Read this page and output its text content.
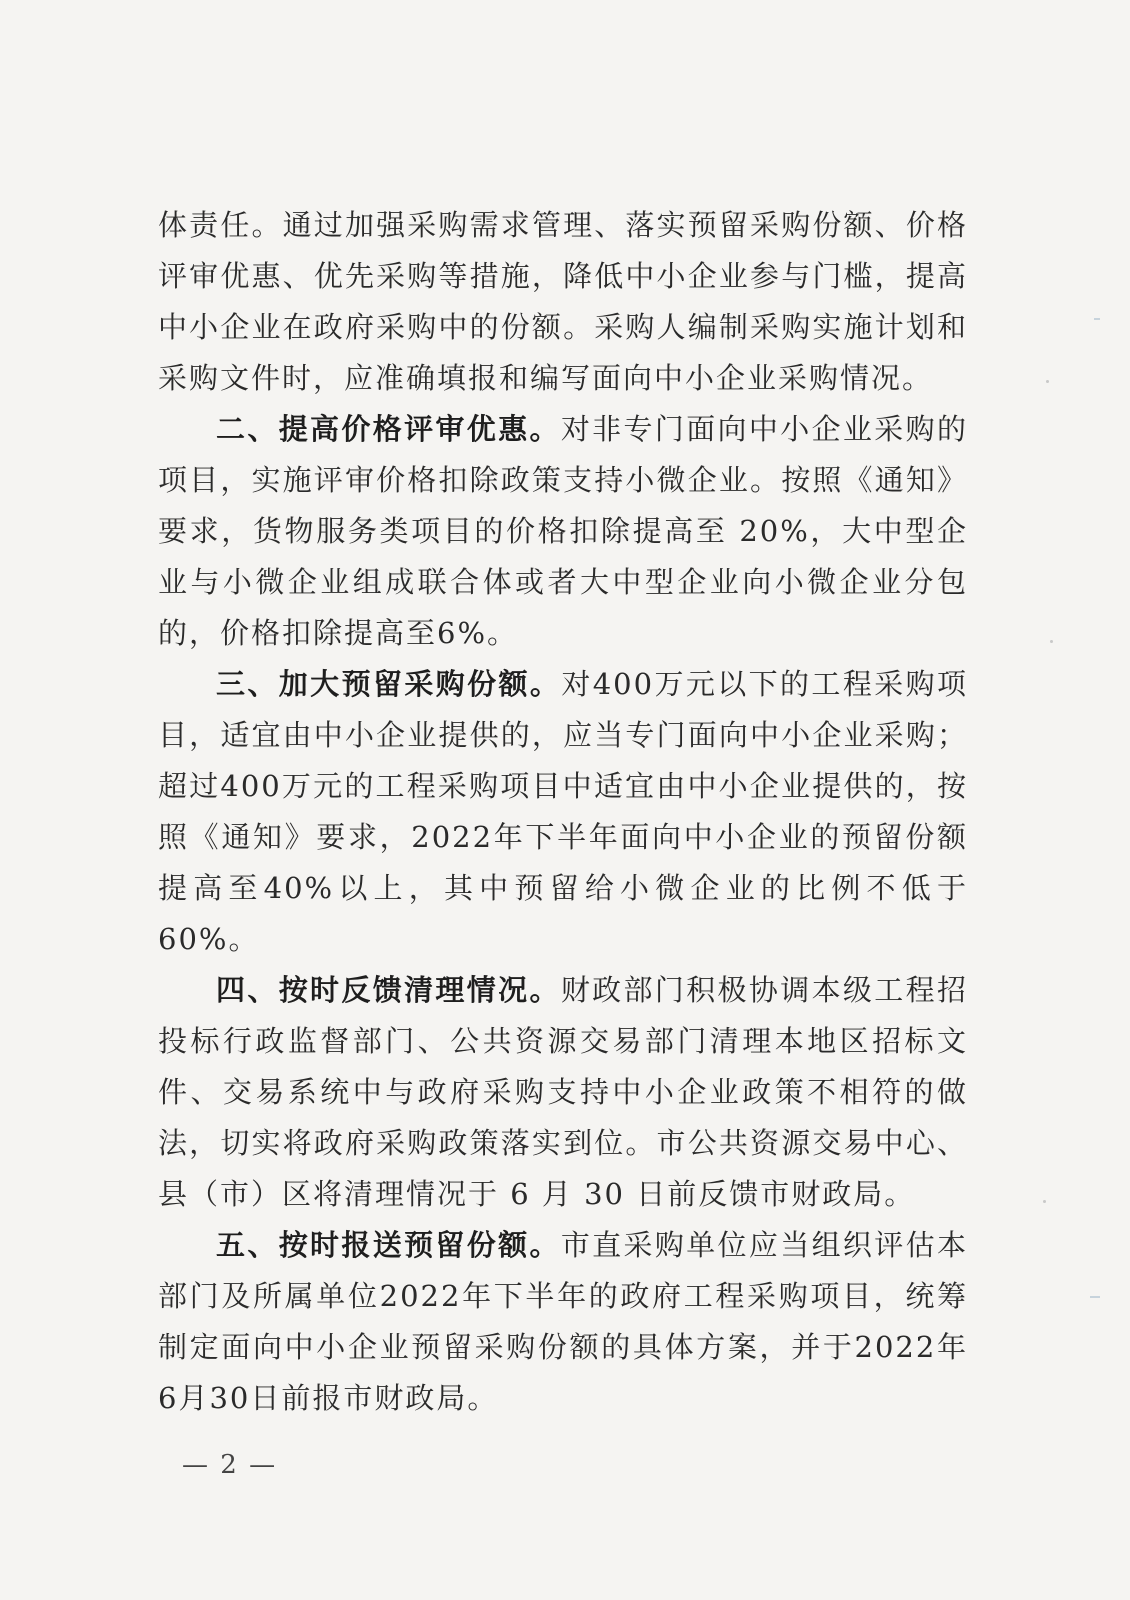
体责任。通过加强采购需求管理、落实预留采购份额、价格评审优惠、优先采购等措施，降低中小企业参与门槛，提高中小企业在政府采购中的份额。采购人编制采购实施计划和采购文件时，应准确填报和编写面向中小企业采购情况。

二、提高价格评审优惠。对非专门面向中小企业采购的项目，实施评审价格扣除政策支持小微企业。按照《通知》要求，货物服务类项目的价格扣除提高至 20%，大中型企业与小微企业组成联合体或者大中型企业向小微企业分包的，价格扣除提高至6%。

三、加大预留采购份额。对400万元以下的工程采购项目，适宜由中小企业提供的，应当专门面向中小企业采购；超过400万元的工程采购项目中适宜由中小企业提供的，按照《通知》要求，2022年下半年面向中小企业的预留份额提高至40%以上，其中预留给小微企业的比例不低于60%。

四、按时反馈清理情况。财政部门积极协调本级工程招投标行政监督部门、公共资源交易部门清理本地区招标文件、交易系统中与政府采购支持中小企业政策不相符的做法，切实将政府采购政策落实到位。市公共资源交易中心、县（市）区将清理情况于 6 月 30 日前反馈市财政局。

五、按时报送预留份额。市直采购单位应当组织评估本部门及所属单位2022年下半年的政府工程采购项目，统筹制定面向中小企业预留采购份额的具体方案，并于2022年6月30日前报市财政局。

— 2 —
